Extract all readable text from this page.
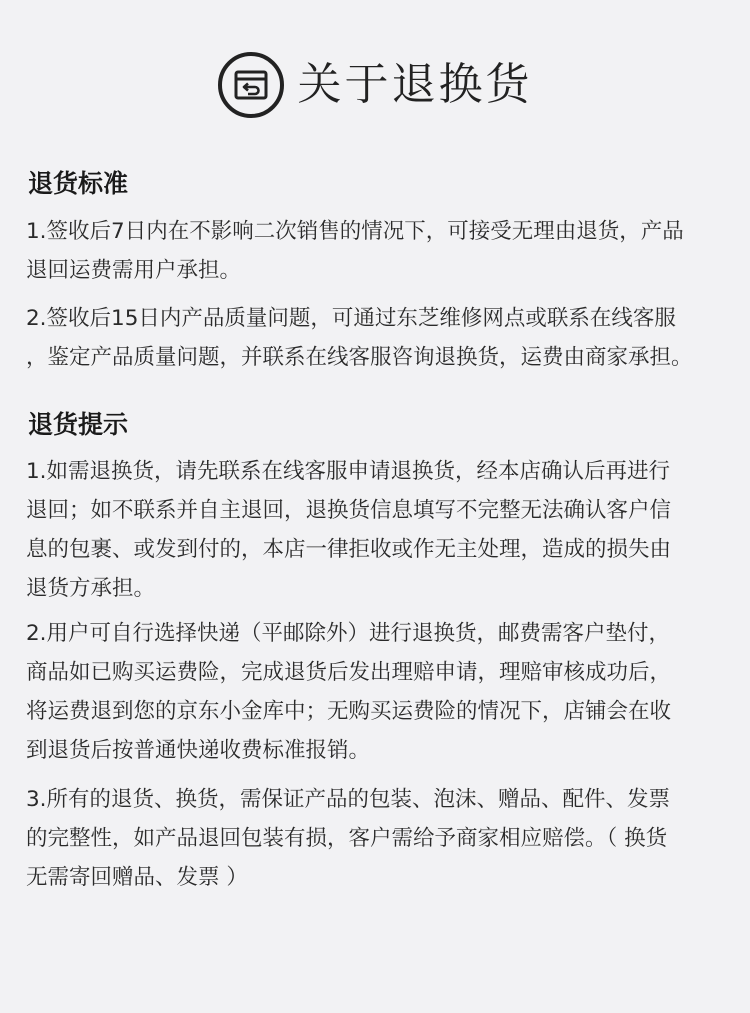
关于退换货
退货标准
1.签收后7日内在不影响二次销售的情况下，可接受无理由退货，产品
退回运费需用户承担。
2.签收后15日内产品质量问题，可通过东芝维修网点或联系在线客服
，鉴定产品质量问题，并联系在线客服咨询退换货，运费由商家承担。
退货提示
1.如需退换货，请先联系在线客服申请退换货，经本店确认后再进行
退回；如不联系并自主退回，退换货信息填写不完整无法确认客户信
息的包裹、或发到付的，本店一律拒收或作无主处理，造成的损失由
退货方承担。
2.用户可自行选择快递（平邮除外）进行退换货，邮费需客户垫付，
商品如已购买运费险，完成退货后发出理赔申请，理赔审核成功后，
将运费退到您的京东小金库中；无购买运费险的情况下，店铺会在收
到退货后按普通快递收费标准报销。
3.所有的退货、换货，需保证产品的包装、泡沫、赠品、配件、发票
的完整性，如产品退回包装有损，客户需给予商家相应赔偿。（ 换货
无需寄回赠品、发票 ）
